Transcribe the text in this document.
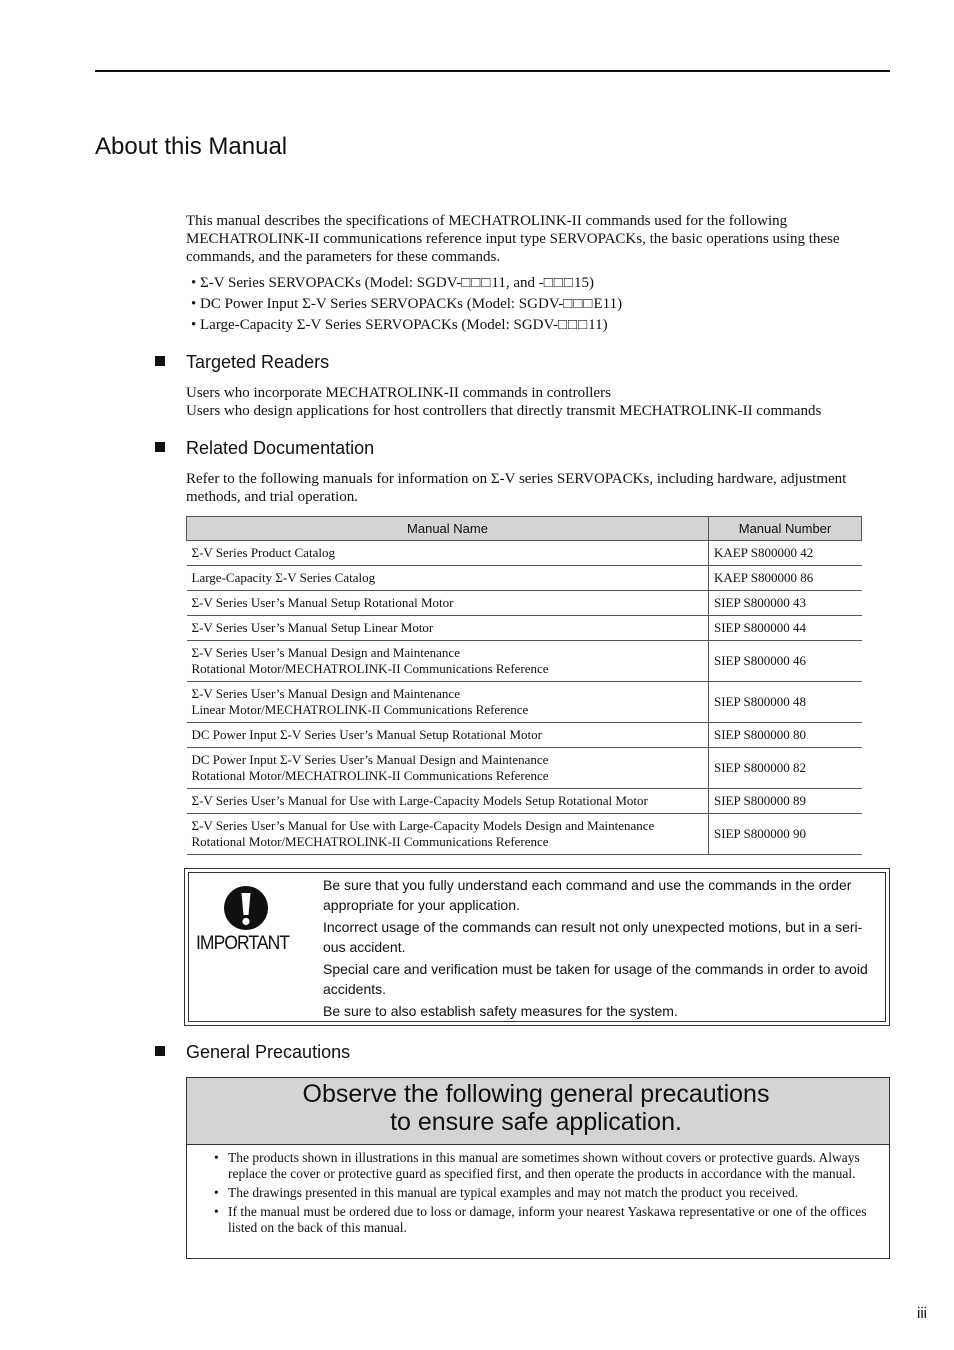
About this Manual

This manual describes the specifications of MECHATROLINK-II commands used for the following MECHATROLINK-II communications reference input type SERVOPACKs, the basic operations using these commands, and the parameters for these commands.

• Σ-V Series SERVOPACKs (Model: SGDV-□□□11, and -□□□15)
• DC Power Input Σ-V Series SERVOPACKs (Model: SGDV-□□□E11)
• Large-Capacity Σ-V Series SERVOPACKs (Model: SGDV-□□□11)
Targeted Readers

Users who incorporate MECHATROLINK-II commands in controllers

Users who design applications for host controllers that directly transmit MECHATROLINK-II commands

Related Documentation

Refer to the following manuals for information on Σ-V series SERVOPACKs, including hardware, adjustment methods, and trial operation.

Manual Name	Manual Number

Σ-V Series Product Catalog	KAEP S800000 42

Large-Capacity Σ-V Series Catalog	KAEP S800000 86

Σ-V Series User’s Manual Setup Rotational Motor	SIEP S800000 43

Σ-V Series User’s Manual Setup Linear Motor	SIEP S800000 44

Σ-V Series User’s Manual Design and Maintenance
Rotational Motor/MECHATROLINK-II Communications Reference	SIEP S800000 46

Σ-V Series User’s Manual Design and Maintenance
Linear Motor/MECHATROLINK-II Communications Reference	SIEP S800000 48

DC Power Input Σ-V Series User’s Manual Setup Rotational Motor	SIEP S800000 80

DC Power Input Σ-V Series User’s Manual Design and Maintenance
Rotational Motor/MECHATROLINK-II Communications Reference	SIEP S800000 82

Σ-V Series User’s Manual for Use with Large-Capacity Models Setup Rotational Motor	SIEP S800000 89

Σ-V Series User’s Manual for Use with Large-Capacity Models Design and Maintenance
Rotational Motor/MECHATROLINK-II Communications Reference	SIEP S800000 90
IMPORTANT

Be sure that you fully understand each command and use the commands in the order appropriate for your application.

Incorrect usage of the commands can result not only unexpected motions, but in a seri-ous accident.

Special care and verification must be taken for usage of the commands in order to avoid accidents.

Be sure to also establish safety measures for the system.

General Precautions
Observe the following general precautions
to ensure safe application.
• The products shown in illustrations in this manual are sometimes shown without covers or protective guards. Always replace the cover or protective guard as specified first, and then operate the products in accordance with the manual.
• The drawings presented in this manual are typical examples and may not match the product you received.
• If the manual must be ordered due to loss or damage, inform your nearest Yaskawa representative or one of the offices listed on the back of this manual.
iii
